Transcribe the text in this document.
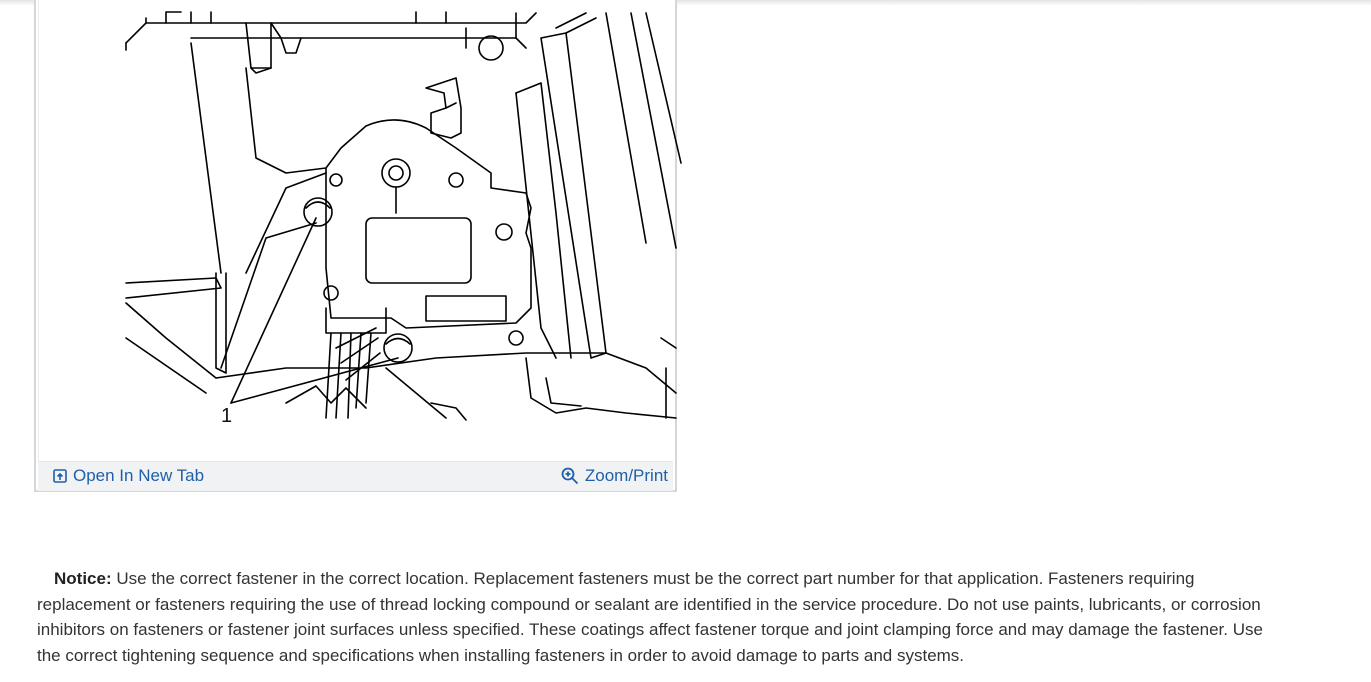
1
Open In New Tab	Zoom/Print
Notice: Use the correct fastener in the correct location. Replacement fasteners must be the correct part number for that application. Fasteners requiring replacement or fasteners requiring the use of thread locking compound or sealant are identified in the service procedure. Do not use paints, lubricants, or corrosion inhibitors on fasteners or fastener joint surfaces unless specified. These coatings affect fastener torque and joint clamping force and may damage the fastener. Use the correct tightening sequence and specifications when installing fasteners in order to avoid damage to parts and systems.
